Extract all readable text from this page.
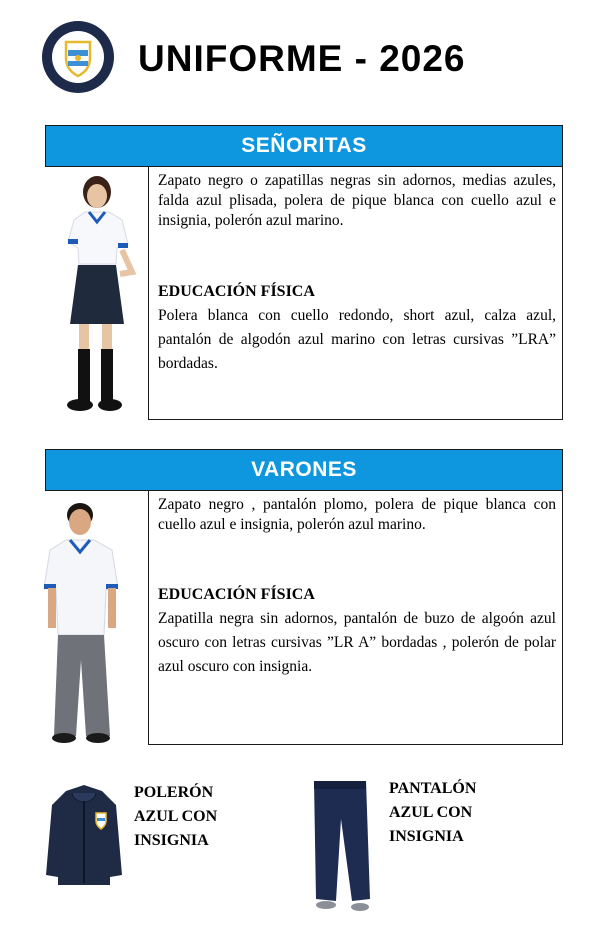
UNIFORME - 2026
SEÑORITAS
Zapato negro o zapatillas negras sin adornos, medias azules, falda azul plisada, polera de pique blanca con cuello azul e insignia, polerón azul marino.
EDUCACIÓN FÍSICA
Polera blanca con cuello redondo, short azul, calza azul, pantalón de algodón azul marino con letras cursivas ”LRA” bordadas.
VARONES
Zapato negro , pantalón plomo, polera de pique blanca con cuello azul e insignia, polerón azul marino.
EDUCACIÓN FÍSICA
Zapatilla negra sin adornos, pantalón de buzo de algoón azul oscuro con letras cursivas ”LR A” bordadas , polerón de polar azul oscuro con insignia.
POLERÓN AZUL CON INSIGNIA
PANTALÓN AZUL CON INSIGNIA
